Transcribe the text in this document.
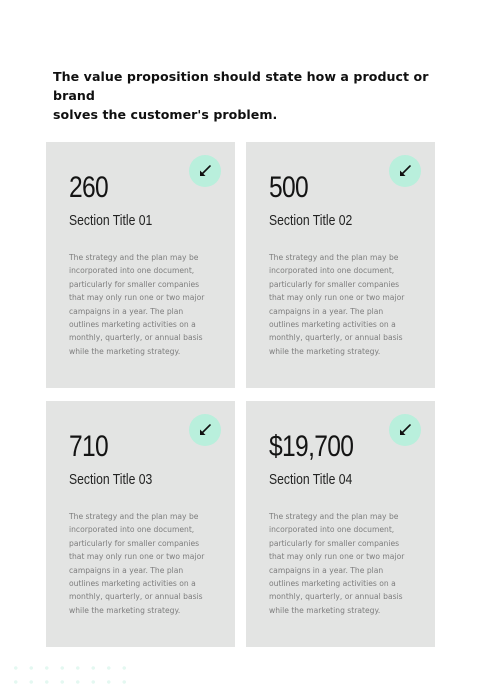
The value proposition should state how a product or brand
solves the customer's problem.
260
Section Title 01
The strategy and the plan may be
incorporated into one document,
particularly for smaller companies
that may only run one or two major
campaigns in a year. The plan
outlines marketing activities on a
monthly, quarterly, or annual basis
while the marketing strategy.
500
Section Title 02
The strategy and the plan may be
incorporated into one document,
particularly for smaller companies
that may only run one or two major
campaigns in a year. The plan
outlines marketing activities on a
monthly, quarterly, or annual basis
while the marketing strategy.
710
Section Title 03
The strategy and the plan may be
incorporated into one document,
particularly for smaller companies
that may only run one or two major
campaigns in a year. The plan
outlines marketing activities on a
monthly, quarterly, or annual basis
while the marketing strategy.
$19,700
Section Title 04
The strategy and the plan may be
incorporated into one document,
particularly for smaller companies
that may only run one or two major
campaigns in a year. The plan
outlines marketing activities on a
monthly, quarterly, or annual basis
while the marketing strategy.
